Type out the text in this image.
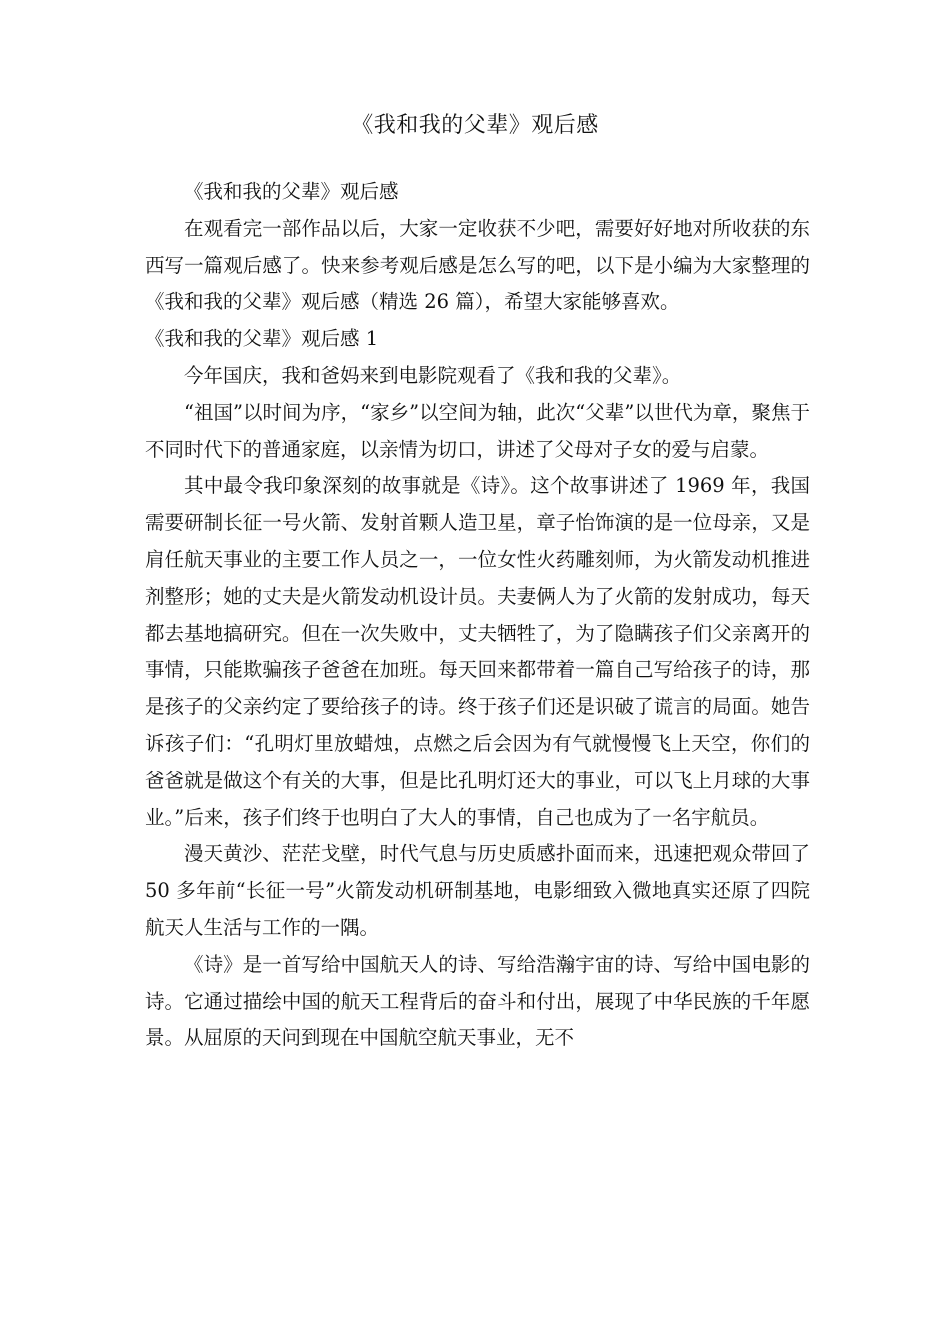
《我和我的父辈》观后感

《我和我的父辈》观后感

在观看完一部作品以后，大家一定收获不少吧，需要好好地对所收获的东西写一篇观后感了。快来参考观后感是怎么写的吧，以下是小编为大家整理的《我和我的父辈》观后感（精选 26 篇），希望大家能够喜欢。

《我和我的父辈》观后感 1

今年国庆，我和爸妈来到电影院观看了《我和我的父辈》。

“祖国”以时间为序，“家乡”以空间为轴，此次“父辈”以世代为章，聚焦于不同时代下的普通家庭，以亲情为切口，讲述了父母对子女的爱与启蒙。

其中最令我印象深刻的故事就是《诗》。这个故事讲述了 1969 年，我国需要研制长征一号火箭、发射首颗人造卫星，章子怡饰演的是一位母亲，又是肩任航天事业的主要工作人员之一，一位女性火药雕刻师，为火箭发动机推进剂整形；她的丈夫是火箭发动机设计员。夫妻俩人为了火箭的发射成功，每天都去基地搞研究。但在一次失败中，丈夫牺牲了，为了隐瞒孩子们父亲离开的事情，只能欺骗孩子爸爸在加班。每天回来都带着一篇自己写给孩子的诗，那是孩子的父亲约定了要给孩子的诗。终于孩子们还是识破了谎言的局面。她告诉孩子们：“孔明灯里放蜡烛，点燃之后会因为有气就慢慢飞上天空，你们的爸爸就是做这个有关的大事，但是比孔明灯还大的事业，可以飞上月球的大事业。”后来，孩子们终于也明白了大人的事情，自己也成为了一名宇航员。

漫天黄沙、茫茫戈壁，时代气息与历史质感扑面而来，迅速把观众带回了 50 多年前“长征一号”火箭发动机研制基地，电影细致入微地真实还原了四院航天人生活与工作的一隅。

《诗》是一首写给中国航天人的诗、写给浩瀚宇宙的诗、写给中国电影的诗。它通过描绘中国的航天工程背后的奋斗和付出，展现了中华民族的千年愿景。从屈原的天问到现在中国航空航天事业，无不
